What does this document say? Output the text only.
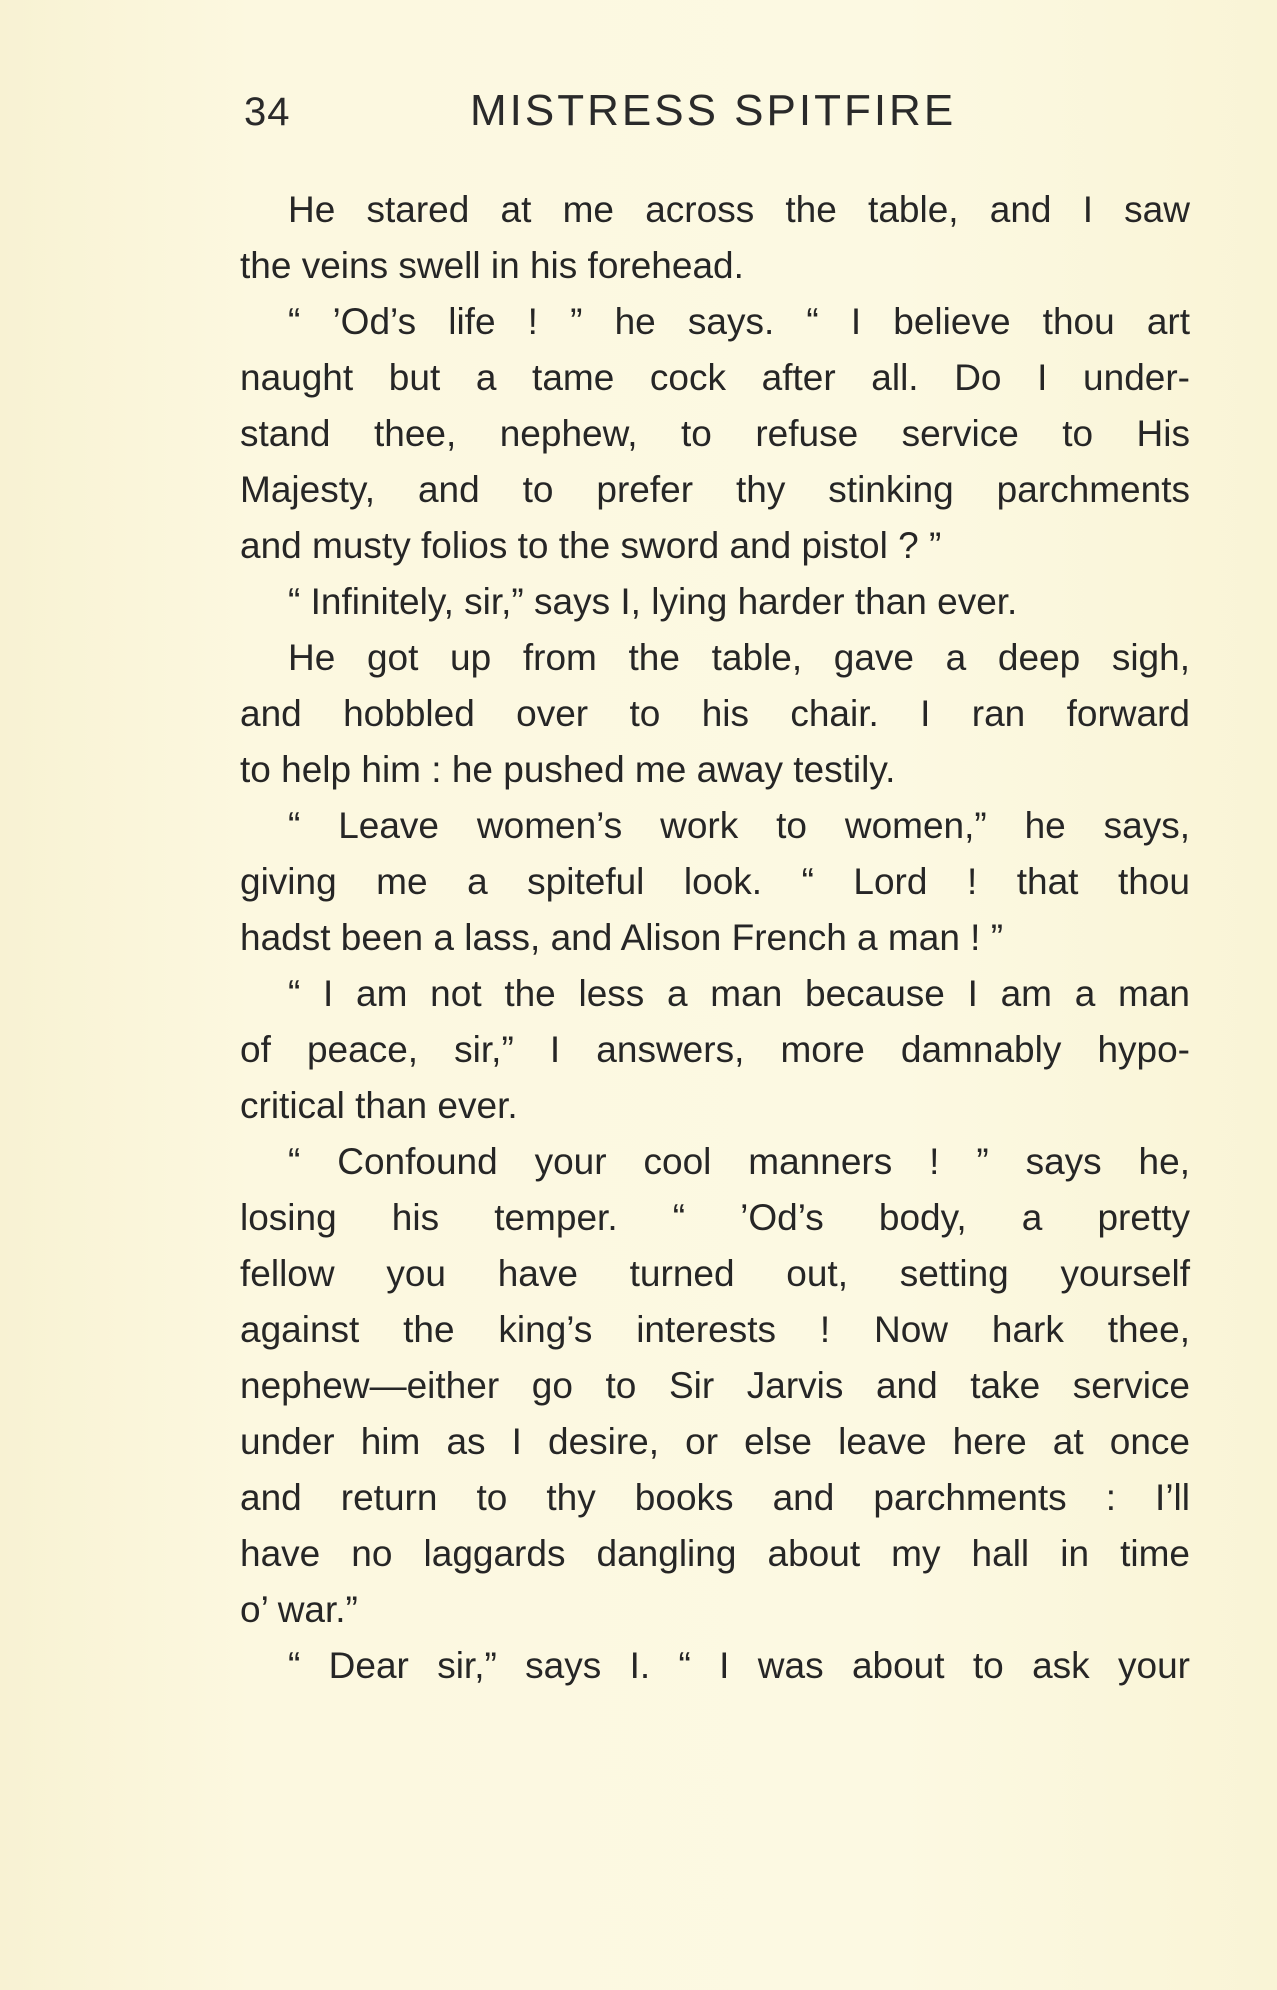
34	MISTRESS SPITFIRE
He stared at me across the table, and I saw
the veins swell in his forehead.
“ ’Od’s life ! ” he says. “ I believe thou art
naught but a tame cock after all. Do I under-
stand thee, nephew, to refuse service to His
Majesty, and to prefer thy stinking parchments
and musty folios to the sword and pistol ? ”
“ Infinitely, sir,” says I, lying harder than ever.
He got up from the table, gave a deep sigh,
and hobbled over to his chair. I ran forward
to help him : he pushed me away testily.
“ Leave women’s work to women,” he says,
giving me a spiteful look. “ Lord ! that thou
hadst been a lass, and Alison French a man ! ”
“ I am not the less a man because I am a man
of peace, sir,” I answers, more damnably hypo-
critical than ever.
“ Confound your cool manners ! ” says he,
losing his temper. “ ’Od’s body, a pretty
fellow you have turned out, setting yourself
against the king’s interests ! Now hark thee,
nephew—either go to Sir Jarvis and take service
under him as I desire, or else leave here at once
and return to thy books and parchments : I’ll
have no laggards dangling about my hall in time
o’ war.”
“ Dear sir,” says I. “ I was about to ask your
